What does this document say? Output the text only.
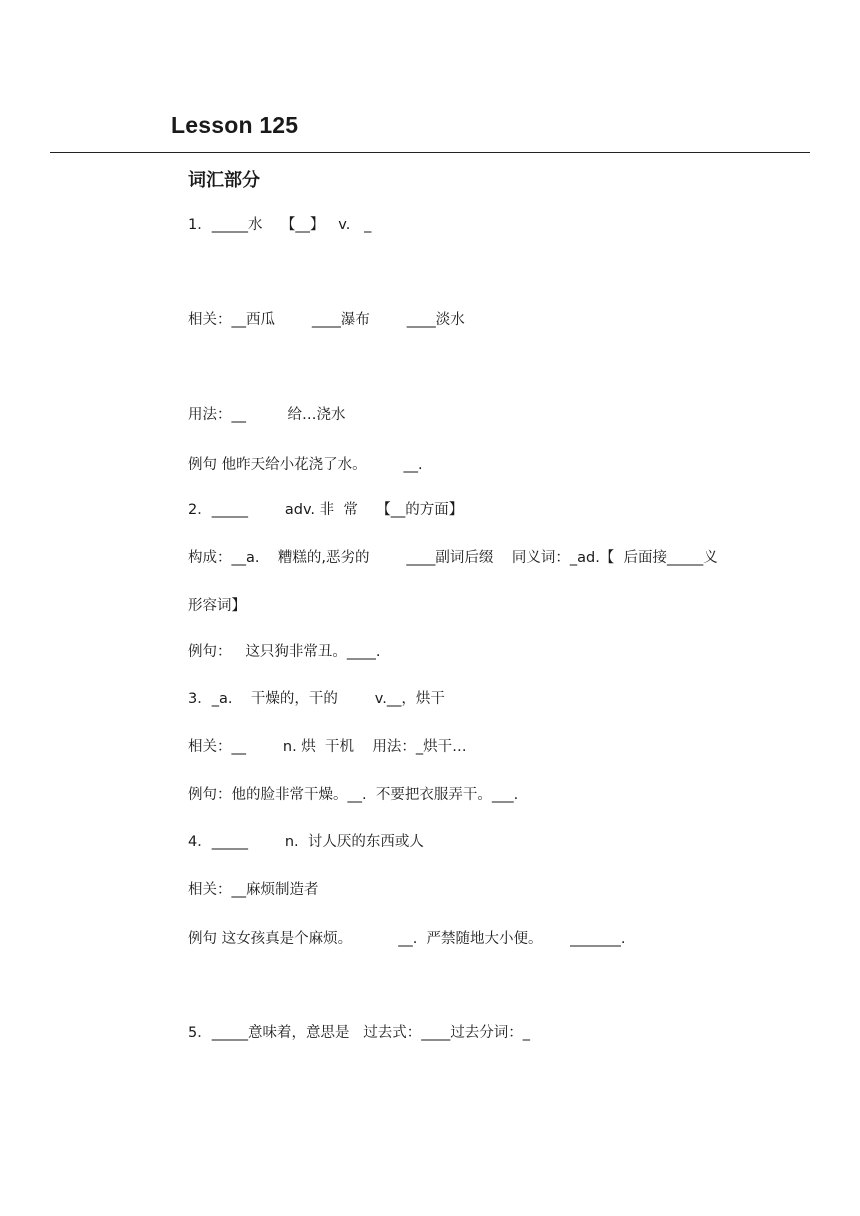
Lesson 125
词汇部分

1．_____水    【__】   v.   _

相关：__西瓜        ____瀑布        ____淡水

用法：__         给…浇水

例句 他昨天给小花浇了水。        __.

2．_____        adv. 非  常    【__的方面】

构成：__a.    糟糕的,恶劣的        ____副词后缀    同义词：_ad.【  后面接_____义

形容词】

例句：   这只狗非常丑。____.

3．_a.    干燥的，干的        v.__，烘干

相关：__        n. 烘  干机    用法：_烘干…

例句：他的脸非常干燥。__.  不要把衣服弄干。___.

4．_____        n.  讨人厌的东西或人

相关：__麻烦制造者

例句 这女孩真是个麻烦。          __.  严禁随地大小便。      _______.

5．_____意味着，意思是   过去式：____过去分词：_
